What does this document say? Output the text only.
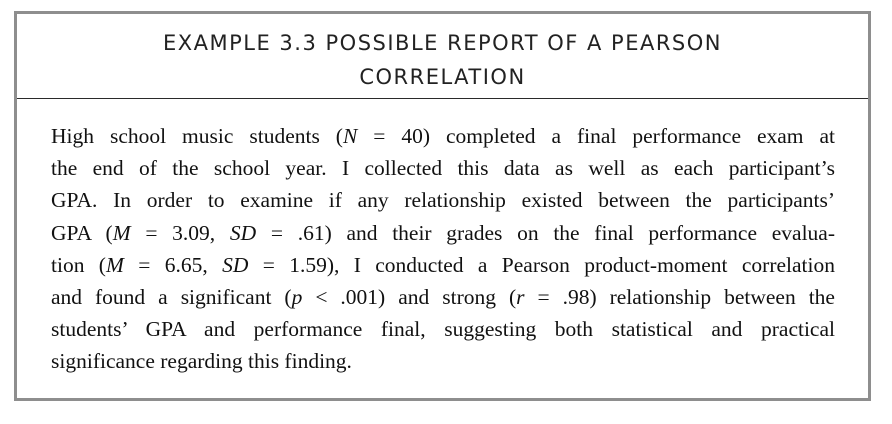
EXAMPLE 3.3 POSSIBLE REPORT OF A PEARSON
CORRELATION
High school music students (N = 40) completed a final performance exam at
the end of the school year. I collected this data as well as each participant’s
GPA. In order to examine if any relationship existed between the participants’
GPA (M = 3.09, SD = .61) and their grades on the final performance evalua-
tion (M = 6.65, SD = 1.59), I conducted a Pearson product-moment correlation
and found a significant (p < .001) and strong (r = .98) relationship between the
students’ GPA and performance final, suggesting both statistical and practical
significance regarding this finding.
